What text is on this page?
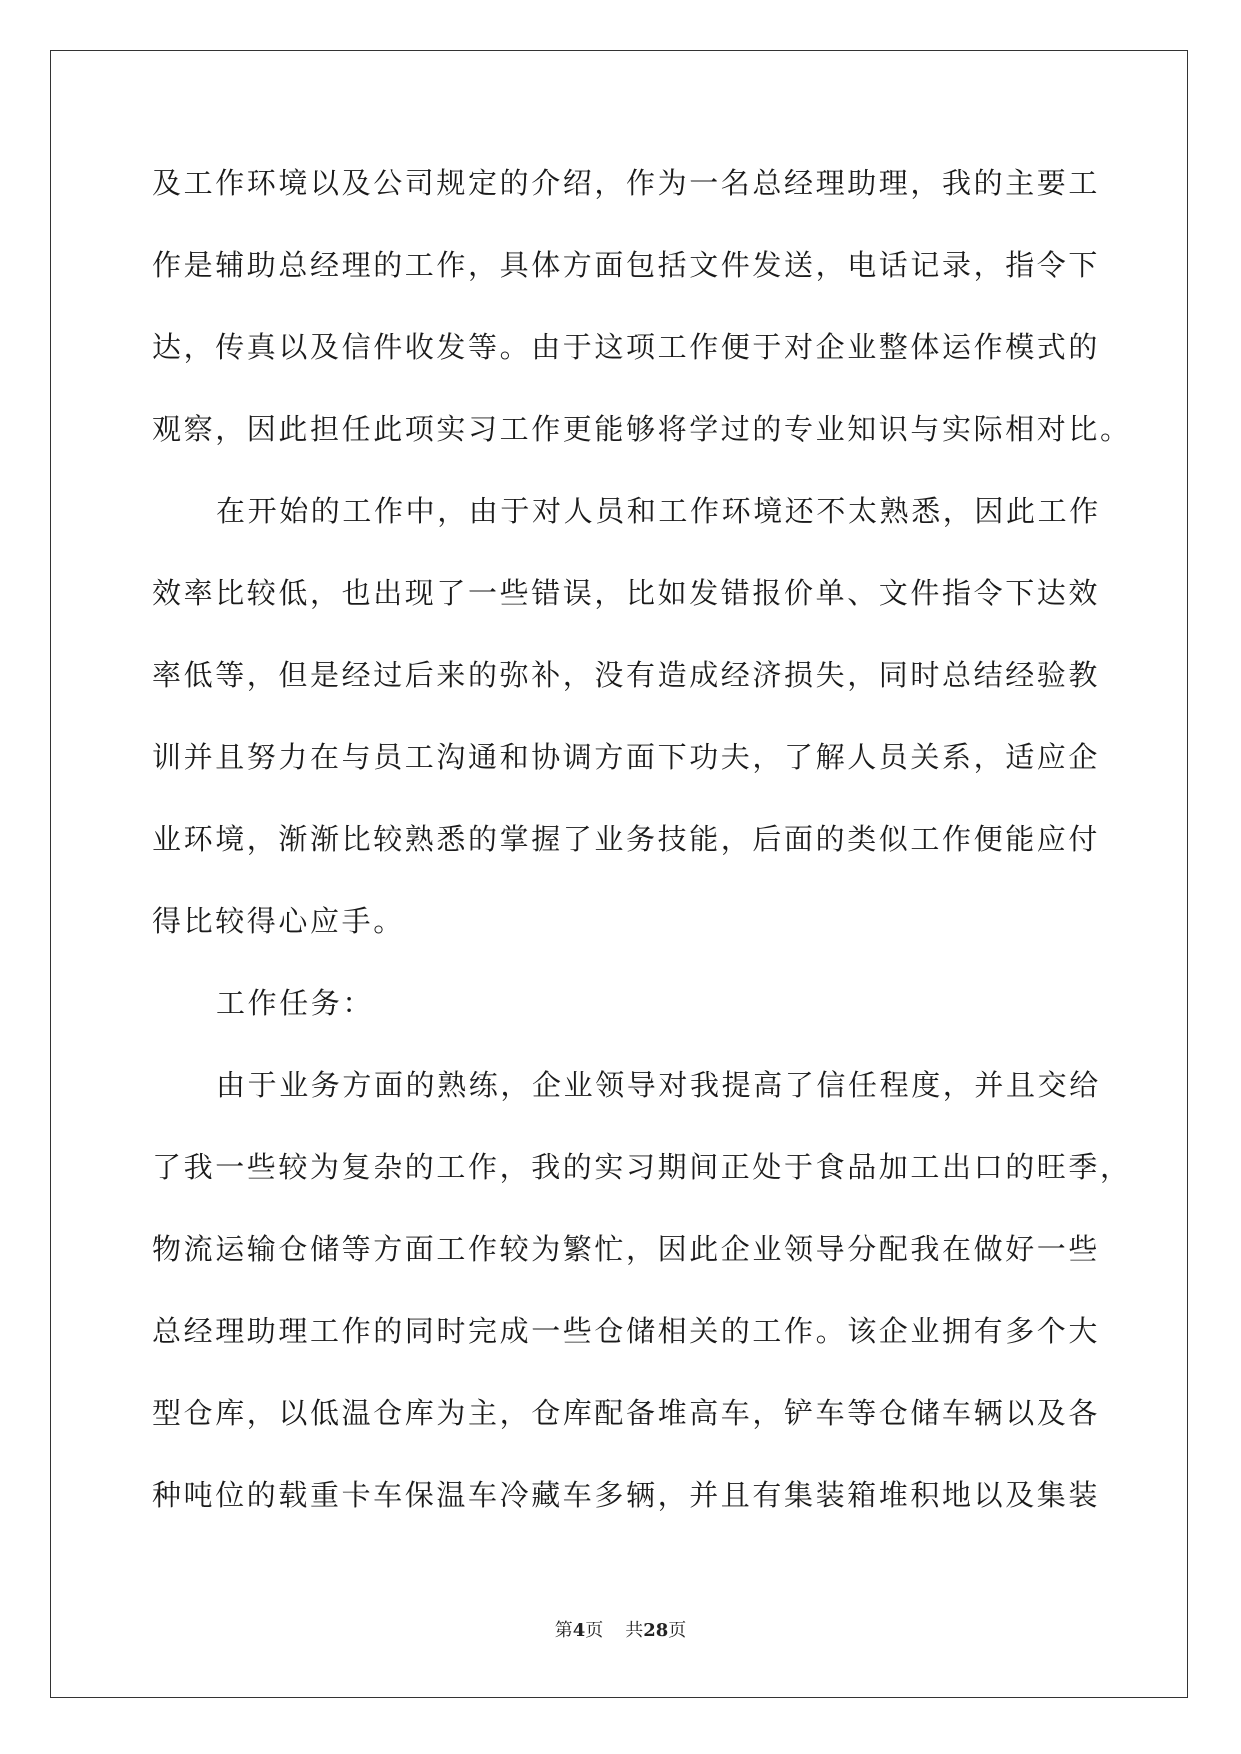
及工作环境以及公司规定的介绍，作为一名总经理助理，我的主要工
作是辅助总经理的工作，具体方面包括文件发送，电话记录，指令下
达，传真以及信件收发等。由于这项工作便于对企业整体运作模式的
观察，因此担任此项实习工作更能够将学过的专业知识与实际相对比。
在开始的工作中，由于对人员和工作环境还不太熟悉，因此工作
效率比较低，也出现了一些错误，比如发错报价单、文件指令下达效
率低等，但是经过后来的弥补，没有造成经济损失，同时总结经验教
训并且努力在与员工沟通和协调方面下功夫，了解人员关系，适应企
业环境，渐渐比较熟悉的掌握了业务技能，后面的类似工作便能应付
得比较得心应手。
工作任务：
由于业务方面的熟练，企业领导对我提高了信任程度，并且交给
了我一些较为复杂的工作，我的实习期间正处于食品加工出口的旺季，
物流运输仓储等方面工作较为繁忙，因此企业领导分配我在做好一些
总经理助理工作的同时完成一些仓储相关的工作。该企业拥有多个大
型仓库，以低温仓库为主，仓库配备堆高车，铲车等仓储车辆以及各
种吨位的载重卡车保温车冷藏车多辆，并且有集装箱堆积地以及集装
第4页 共28页
